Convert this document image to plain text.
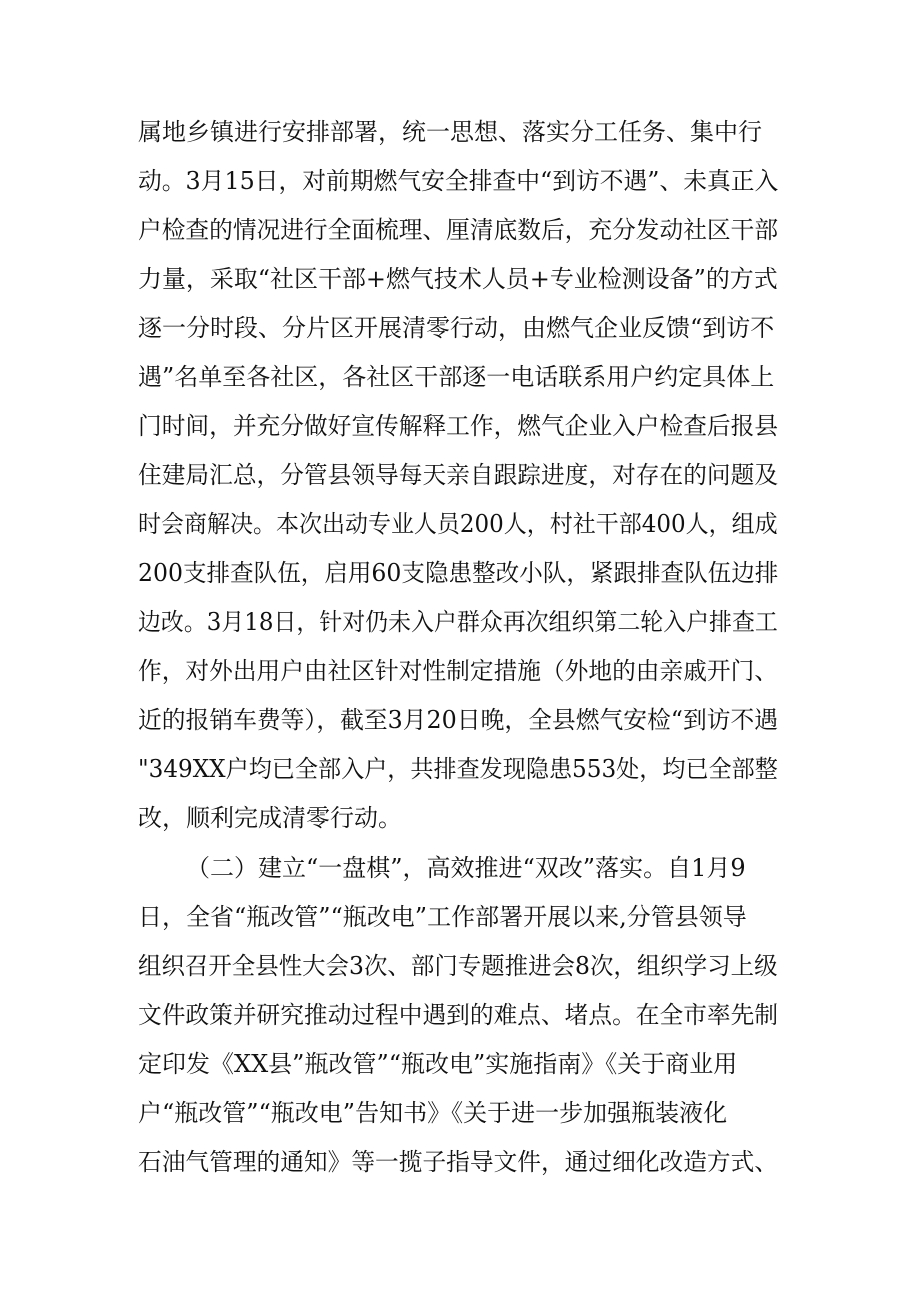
属地乡镇进行安排部署，统一思想、落实分工任务、集中行
动。3月15日，对前期燃气安全排查中“到访不遇”、未真正入
户检查的情况进行全面梳理、厘清底数后，充分发动社区干部
力量，采取“社区干部+燃气技术人员+专业检测设备”的方式
逐一分时段、分片区开展清零行动，由燃气企业反馈“到访不
遇”名单至各社区，各社区干部逐一电话联系用户约定具体上
门时间，并充分做好宣传解释工作，燃气企业入户检查后报县
住建局汇总，分管县领导每天亲自跟踪进度，对存在的问题及
时会商解决。本次出动专业人员200人，村社干部400人，组成
200支排查队伍，启用60支隐患整改小队，紧跟排查队伍边排
边改。3月18日，针对仍未入户群众再次组织第二轮入户排查工
作，对外出用户由社区针对性制定措施（外地的由亲戚开门、
近的报销车费等），截至3月20日晚，全县燃气安检“到访不遇
"349XX户均已全部入户，共排查发现隐患553处，均已全部整
改，顺利完成清零行动。
（二）建立“一盘棋”，高效推进“双改”落实。自1月9
日，全省“瓶改管”“瓶改电”工作部署开展以来,分管县领导
组织召开全县性大会3次、部门专题推进会8次，组织学习上级
文件政策并研究推动过程中遇到的难点、堵点。在全市率先制
定印发《XX县”瓶改管”“瓶改电”实施指南》《关于商业用
户“瓶改管”“瓶改电”告知书》《关于进一步加强瓶装液化
石油气管理的通知》等一揽子指导文件，通过细化改造方式、
